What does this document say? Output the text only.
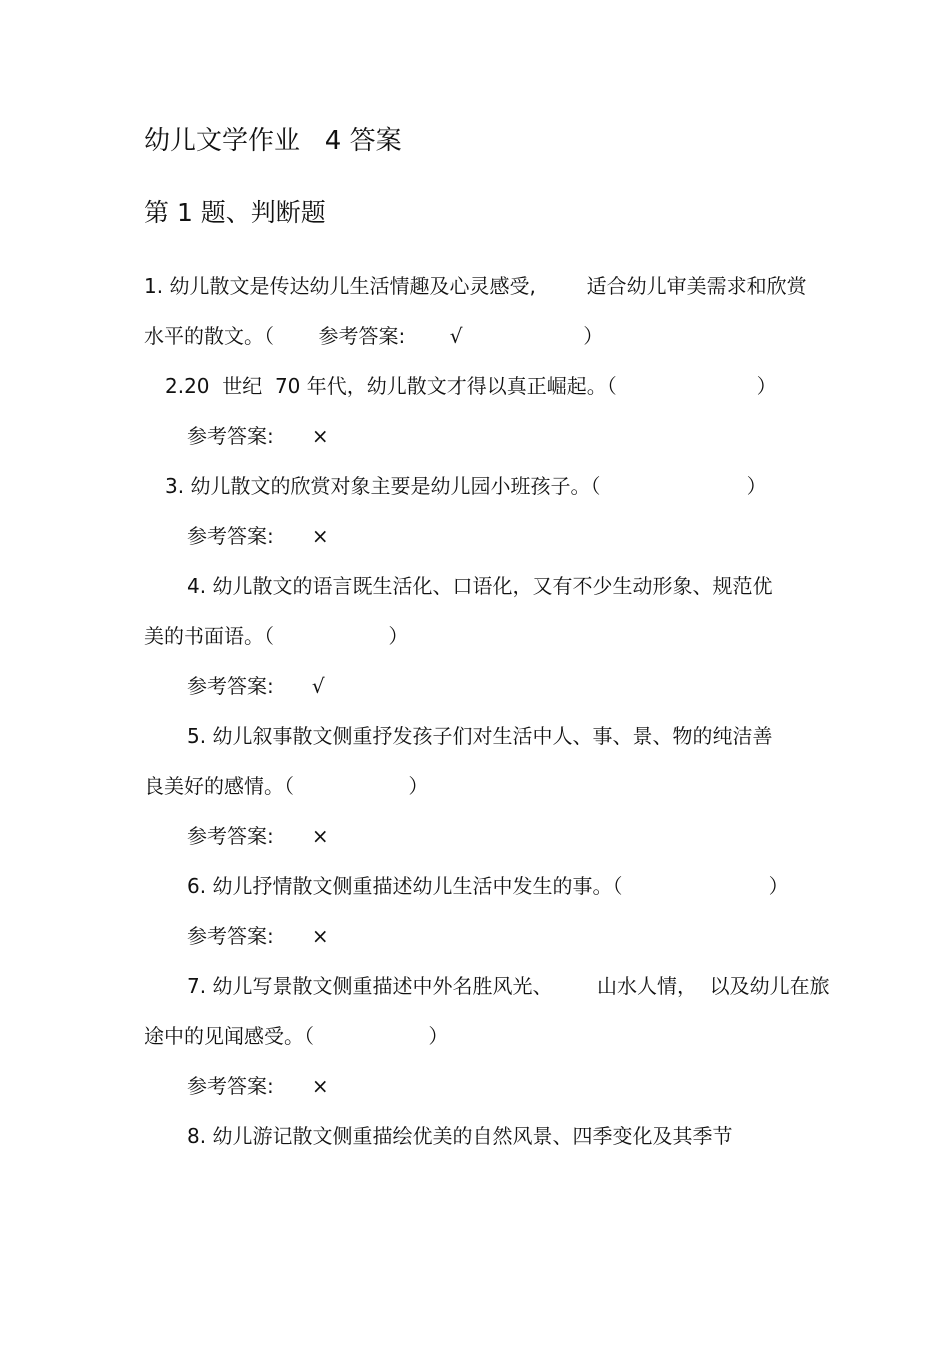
幼儿文学作业   4 答案
第 1 题、判断题
1. 幼儿散文是传达幼儿生活情趣及心灵感受,        适合幼儿审美需求和欣赏
水平的散文。（       参考答案:       √                   ）
2.20  世纪  70 年代，幼儿散文才得以真正崛起。（                      ）
参考答案:      ×
3. 幼儿散文的欣赏对象主要是幼儿园小班孩子。（                       ）
参考答案:      ×
4. 幼儿散文的语言既生活化、口语化，又有不少生动形象、规范优
美的书面语。（                  ）
参考答案:      √
5. 幼儿叙事散文侧重抒发孩子们对生活中人、事、景、物的纯洁善
良美好的感情。（                  ）
参考答案:      ×
6. 幼儿抒情散文侧重描述幼儿生活中发生的事。（                       ）
参考答案:      ×
7. 幼儿写景散文侧重描述中外名胜风光、       山水人情，  以及幼儿在旅
途中的见闻感受。（                  ）
参考答案:      ×
8. 幼儿游记散文侧重描绘优美的自然风景、四季变化及其季节
